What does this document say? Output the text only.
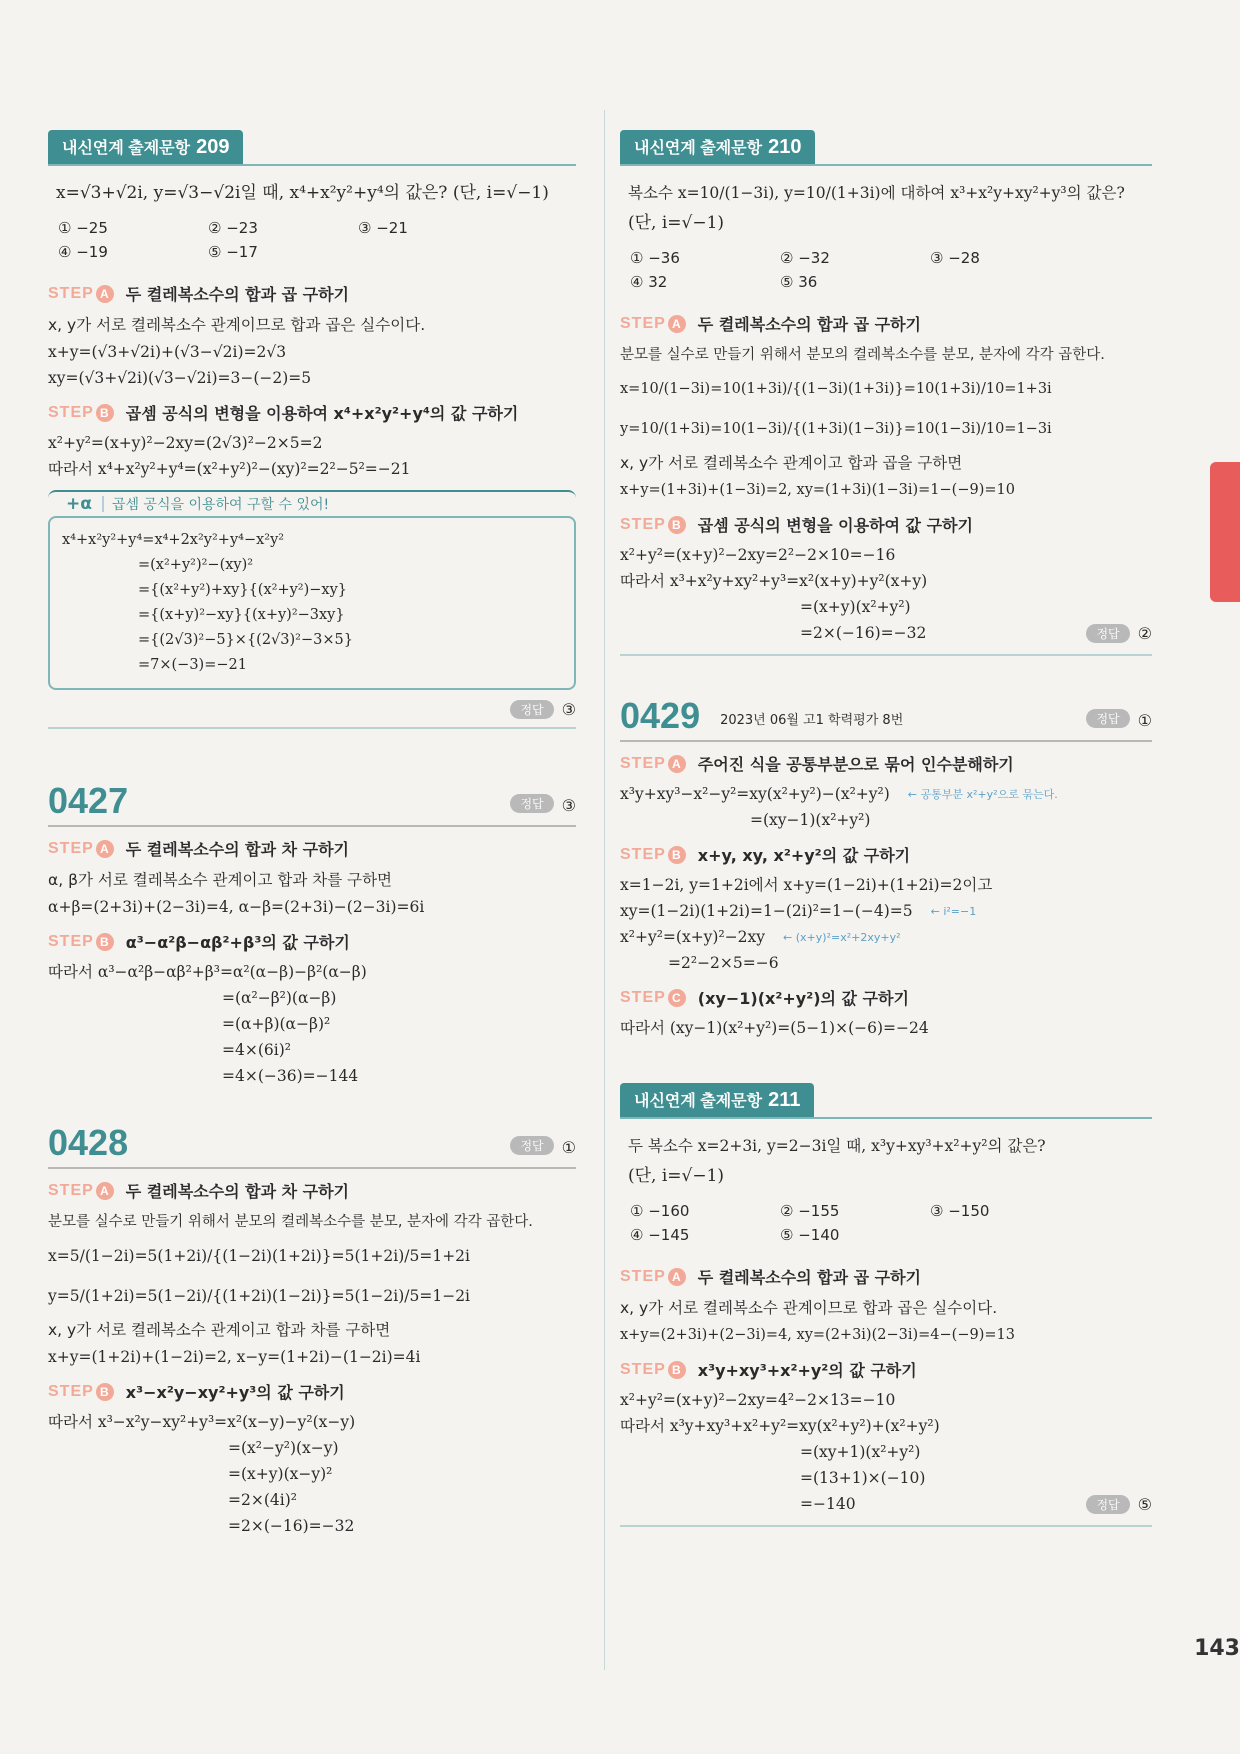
내신연계 출제문항 209
x=√3+√2i, y=√3−√2i일 때, x⁴+x²y²+y⁴의 값은? (단, i=√−1)
① −25	② −23	③ −21
④ −19	⑤ −17
STEP A 두 켤레복소수의 합과 곱 구하기
x, y가 서로 켤레복소수 관계이므로 합과 곱은 실수이다.
x+y=(√3+√2i)+(√3−√2i)=2√3
xy=(√3+√2i)(√3−√2i)=3−(−2)=5
STEP B 곱셈 공식의 변형을 이용하여 x⁴+x²y²+y⁴의 값 구하기
x²+y²=(x+y)²−2xy=(2√3)²−2×5=2
따라서 x⁴+x²y²+y⁴=(x²+y²)²−(xy)²=2²−5²=−21
+α 곱셈 공식을 이용하여 구할 수 있어!
x⁴+x²y²+y⁴=x⁴+2x²y²+y⁴−x²y²
=(x²+y²)²−(xy)²
={(x²+y²)+xy}{(x²+y²)−xy}
={(x+y)²−xy}{(x+y)²−3xy}
={(2√3)²−5}×{(2√3)²−3×5}
=7×(−3)=−21
정답	③
0427	정답	③
STEP A 두 켤레복소수의 합과 차 구하기
α, β가 서로 켤레복소수 관계이고 합과 차를 구하면
α+β=(2+3i)+(2−3i)=4, α−β=(2+3i)−(2−3i)=6i
STEP B α³−α²β−αβ²+β³의 값 구하기
따라서 α³−α²β−αβ²+β³=α²(α−β)−β²(α−β)
=(α²−β²)(α−β)
=(α+β)(α−β)²
=4×(6i)²
=4×(−36)=−144
0428	정답	①
STEP A 두 켤레복소수의 합과 차 구하기
분모를 실수로 만들기 위해서 분모의 켤레복소수를 분모, 분자에 각각 곱한다.
x=5/(1−2i)=5(1+2i)/{(1−2i)(1+2i)}=5(1+2i)/5=1+2i
y=5/(1+2i)=5(1−2i)/{(1+2i)(1−2i)}=5(1−2i)/5=1−2i
x, y가 서로 켤레복소수 관계이고 합과 차를 구하면
x+y=(1+2i)+(1−2i)=2, x−y=(1+2i)−(1−2i)=4i
STEP B x³−x²y−xy²+y³의 값 구하기
따라서 x³−x²y−xy²+y³=x²(x−y)−y²(x−y)
=(x²−y²)(x−y)
=(x+y)(x−y)²
=2×(4i)²
=2×(−16)=−32
내신연계 출제문항 210
복소수 x=10/(1−3i), y=10/(1+3i)에 대하여 x³+x²y+xy²+y³의 값은?
(단, i=√−1)
① −36	② −32	③ −28
④ 32	⑤ 36
STEP A 두 켤레복소수의 합과 곱 구하기
분모를 실수로 만들기 위해서 분모의 켤레복소수를 분모, 분자에 각각 곱한다.
x=10/(1−3i)=10(1+3i)/{(1−3i)(1+3i)}=10(1+3i)/10=1+3i
y=10/(1+3i)=10(1−3i)/{(1+3i)(1−3i)}=10(1−3i)/10=1−3i
x, y가 서로 켤레복소수 관계이고 합과 곱을 구하면
x+y=(1+3i)+(1−3i)=2, xy=(1+3i)(1−3i)=1−(−9)=10
STEP B 곱셈 공식의 변형을 이용하여 값 구하기
x²+y²=(x+y)²−2xy=2²−2×10=−16
따라서 x³+x²y+xy²+y³=x²(x+y)+y²(x+y)
=(x+y)(x²+y²)
=2×(−16)=−32	정답	②
0429 2023년 06월 고1 학력평가 8번	정답	①
STEP A 주어진 식을 공통부분으로 묶어 인수분해하기
x³y+xy³−x²−y²=xy(x²+y²)−(x²+y²) ← 공통부분 x²+y²으로 묶는다.
=(xy−1)(x²+y²)
STEP B x+y, xy, x²+y²의 값 구하기
x=1−2i, y=1+2i에서 x+y=(1−2i)+(1+2i)=2이고
xy=(1−2i)(1+2i)=1−(2i)²=1−(−4)=5 ← i²=−1
x²+y²=(x+y)²−2xy ← (x+y)²=x²+2xy+y²
=2²−2×5=−6
STEP C (xy−1)(x²+y²)의 값 구하기
따라서 (xy−1)(x²+y²)=(5−1)×(−6)=−24
내신연계 출제문항 211
두 복소수 x=2+3i, y=2−3i일 때, x³y+xy³+x²+y²의 값은?
(단, i=√−1)
① −160	② −155	③ −150
④ −145	⑤ −140
STEP A 두 켤레복소수의 합과 곱 구하기
x, y가 서로 켤레복소수 관계이므로 합과 곱은 실수이다.
x+y=(2+3i)+(2−3i)=4, xy=(2+3i)(2−3i)=4−(−9)=13
STEP B x³y+xy³+x²+y²의 값 구하기
x²+y²=(x+y)²−2xy=4²−2×13=−10
따라서 x³y+xy³+x²+y²=xy(x²+y²)+(x²+y²)
=(xy+1)(x²+y²)
=(13+1)×(−10)
=−140	정답	⑤
143
